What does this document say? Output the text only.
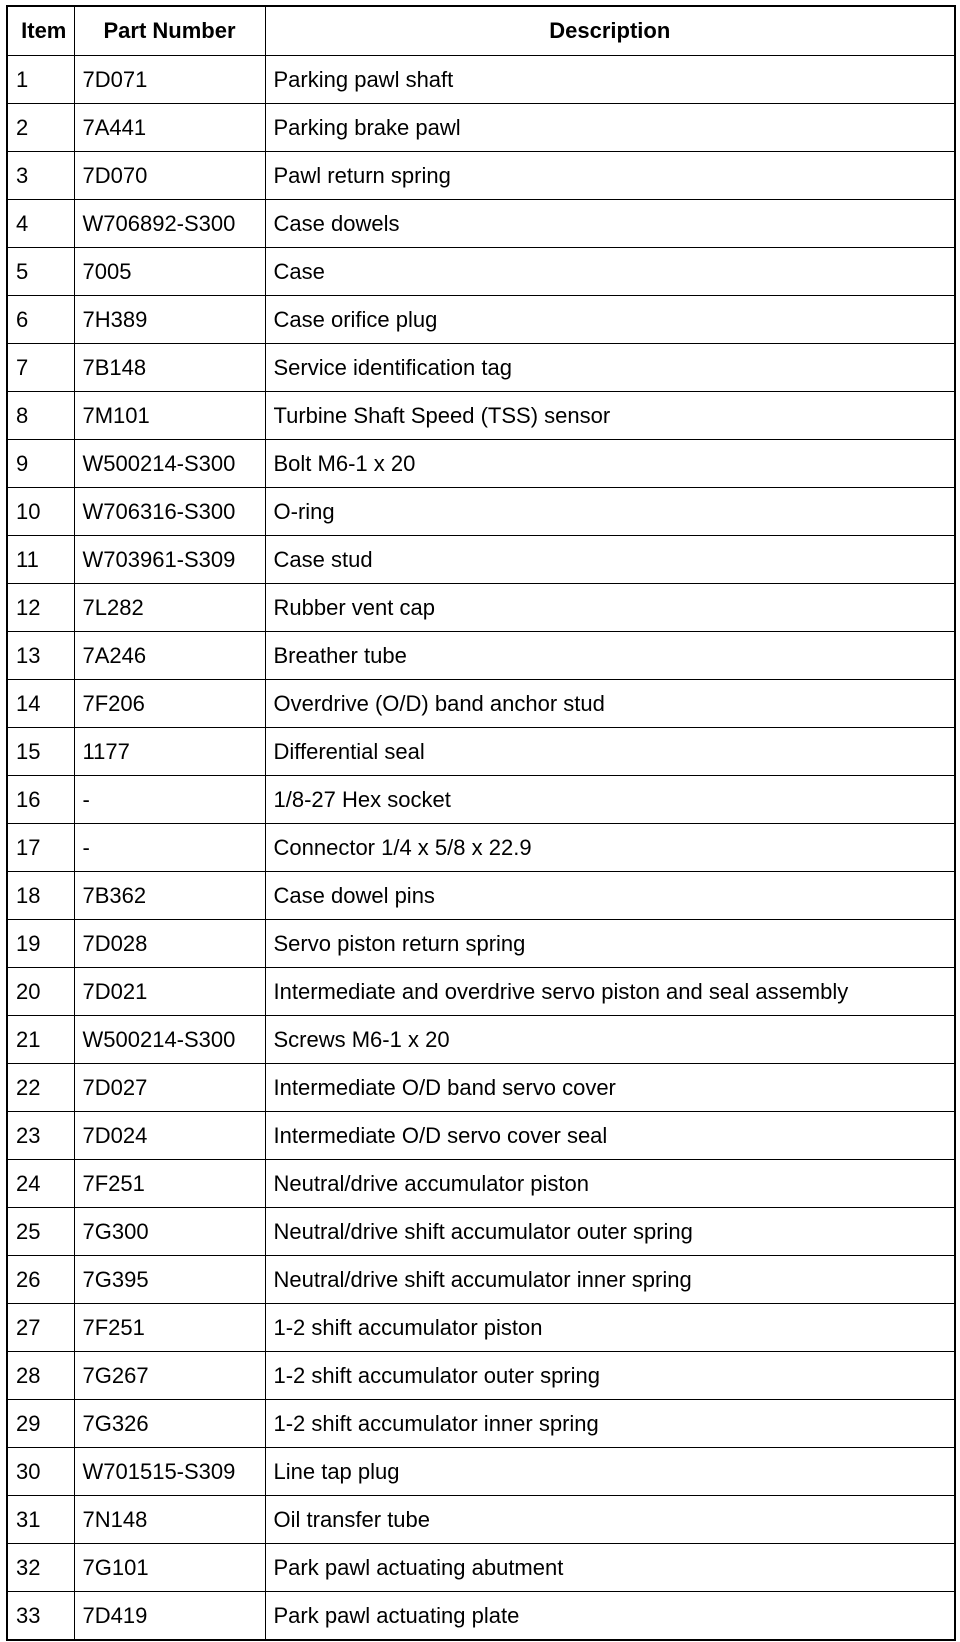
Item	Part Number	Description
1	7D071	Parking pawl shaft
2	7A441	Parking brake pawl
3	7D070	Pawl return spring
4	W706892-S300	Case dowels
5	7005	Case
6	7H389	Case orifice plug
7	7B148	Service identification tag
8	7M101	Turbine Shaft Speed (TSS) sensor
9	W500214-S300	Bolt M6-1 x 20
10	W706316-S300	O-ring
11	W703961-S309	Case stud
12	7L282	Rubber vent cap
13	7A246	Breather tube
14	7F206	Overdrive (O/D) band anchor stud
15	1177	Differential seal
16	-	1/8-27 Hex socket
17	-	Connector 1/4 x 5/8 x 22.9
18	7B362	Case dowel pins
19	7D028	Servo piston return spring
20	7D021	Intermediate and overdrive servo piston and seal assembly
21	W500214-S300	Screws M6-1 x 20
22	7D027	Intermediate O/D band servo cover
23	7D024	Intermediate O/D servo cover seal
24	7F251	Neutral/drive accumulator piston
25	7G300	Neutral/drive shift accumulator outer spring
26	7G395	Neutral/drive shift accumulator inner spring
27	7F251	1-2 shift accumulator piston
28	7G267	1-2 shift accumulator outer spring
29	7G326	1-2 shift accumulator inner spring
30	W701515-S309	Line tap plug
31	7N148	Oil transfer tube
32	7G101	Park pawl actuating abutment
33	7D419	Park pawl actuating plate
